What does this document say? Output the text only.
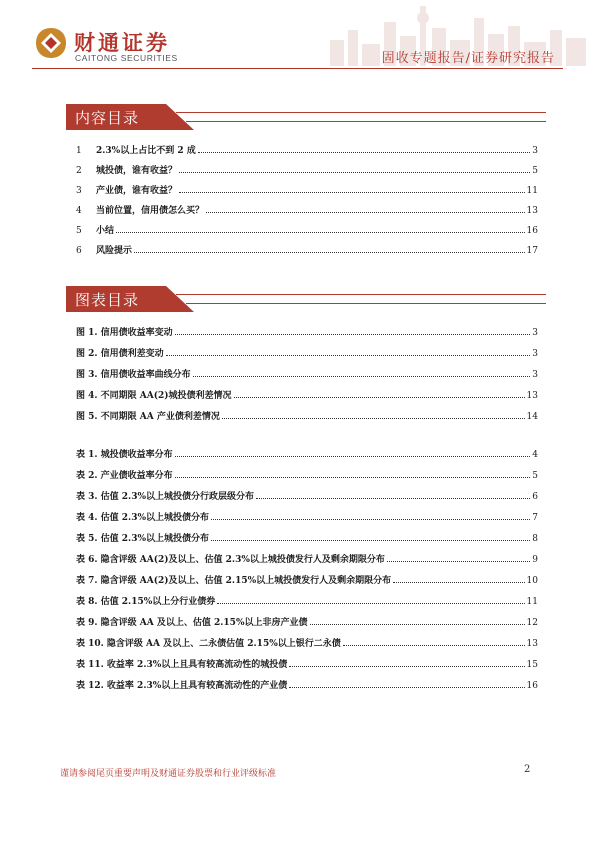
财通证券
CAITONG SECURITIES	固收专题报告/证券研究报告
内容目录
1	2.3%以上占比不到 2 成	3
2	城投债，谁有收益？	5
3	产业债，谁有收益？	11
4	当前位置，信用债怎么买？	13
5	小结	16
6	风险提示	17
图表目录
图 1. 信用债收益率变动	3
图 2. 信用债利差变动	3
图 3. 信用债收益率曲线分布	3
图 4. 不同期限 AA(2)城投债利差情况	13
图 5. 不同期限 AA 产业债利差情况	14
表 1. 城投债收益率分布	4
表 2. 产业债收益率分布	5
表 3. 估值 2.3%以上城投债分行政层级分布	6
表 4. 估值 2.3%以上城投债分布	7
表 5. 估值 2.3%以上城投债分布	8
表 6. 隐含评级 AA(2)及以上、估值 2.3%以上城投债发行人及剩余期限分布	9
表 7. 隐含评级 AA(2)及以上、估值 2.15%以上城投债发行人及剩余期限分布	10
表 8. 估值 2.15%以上分行业债券	11
表 9. 隐含评级 AA 及以上、估值 2.15%以上非房产业债	12
表 10. 隐含评级 AA 及以上、二永债估值 2.15%以上银行二永债	13
表 11. 收益率 2.3%以上且具有较高流动性的城投债	15
表 12. 收益率 2.3%以上且具有较高流动性的产业债	16
谨请参阅尾页重要声明及财通证券股票和行业评级标准	2
